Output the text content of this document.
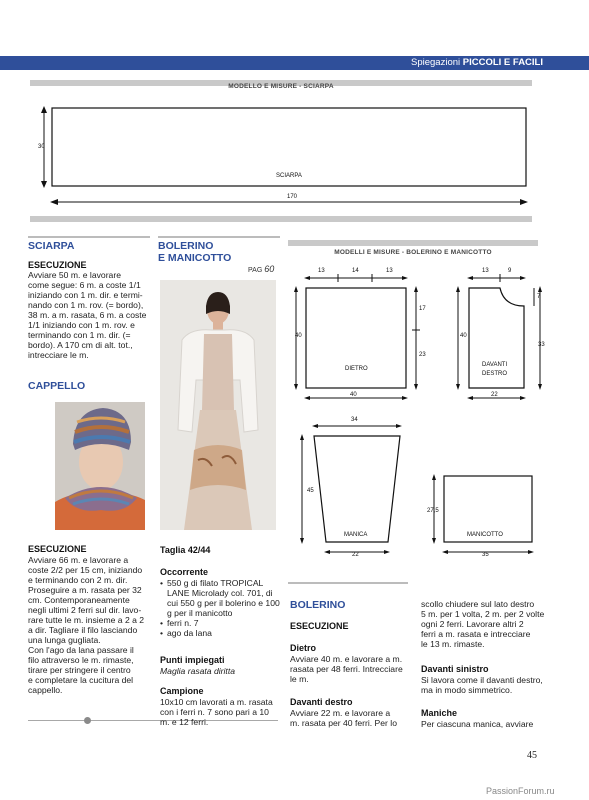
Spiegazioni PICCOLI E FACILI
MODELLO E MISURE - SCIARPA
30
SCIARPA
170
SCIARPA
ESECUZIONE
Avviare 50 m. e lavorare
come segue: 6 m. a coste 1/1
iniziando con 1 m. dir. e termi-
nando con 1 m. rov. (= bordo),
38 m. a m. rasata, 6 m. a coste
1/1 iniziando con 1 m. rov. e
terminando con 1 m. dir. (=
bordo). A 170 cm di alt. tot.,
intrecciare le m.
CAPPELLO
ESECUZIONE
Avviare 66 m. e lavorare a
coste 2/2 per 15 cm, iniziando
e terminando con 2 m. dir.
Proseguire a m. rasata per 32
cm. Contemporaneamente
negli ultimi 2 ferri sul dir. lavo-
rare tutte le m. insieme a 2 a 2
a dir. Tagliare il filo lasciando
una lunga gugliata.
Con l'ago da lana passare il
filo attraverso le m. rimaste,
tirare per stringere il centro
e completare la cucitura del
cappello.
BOLERINO
E MANICOTTO
PAG 60
Taglia 42/44
Occorrente
• 550 g di filato TROPICAL LANE Microlady col. 701, di cui 550 g per il bolerino e 100 g per il manicotto
• ferri n. 7
• ago da lana
Punti impiegati
Maglia rasata diritta
Campione
10x10 cm lavorati a m. rasata
con i ferri n. 7 sono pari a 10
m. e 12 ferri.
MODELLI E MISURE - BOLERINO E MANICOTTO
13	14	13
40
17
23
DIETRO
40
13	9
40
7
33
DAVANTI
DESTRO
22
34
45
MANICA
22
27,5
MANICOTTO
35
BOLERINO
ESECUZIONE
Dietro
Avviare 40 m. e lavorare a m.
rasata per 48 ferri. Intrecciare
le m.
Davanti destro
Avviare 22 m. e lavorare a
m. rasata per 40 ferri. Per lo
scollo chiudere sul lato destro
5 m. per 1 volta, 2 m. per 2 volte
ogni 2 ferri. Lavorare altri 2
ferri a m. rasata e intrecciare
le 13 m. rimaste.
Davanti sinistro
Si lavora come il davanti destro,
ma in modo simmetrico.
Maniche
Per ciascuna manica, avviare
45
PassionForum.ru
